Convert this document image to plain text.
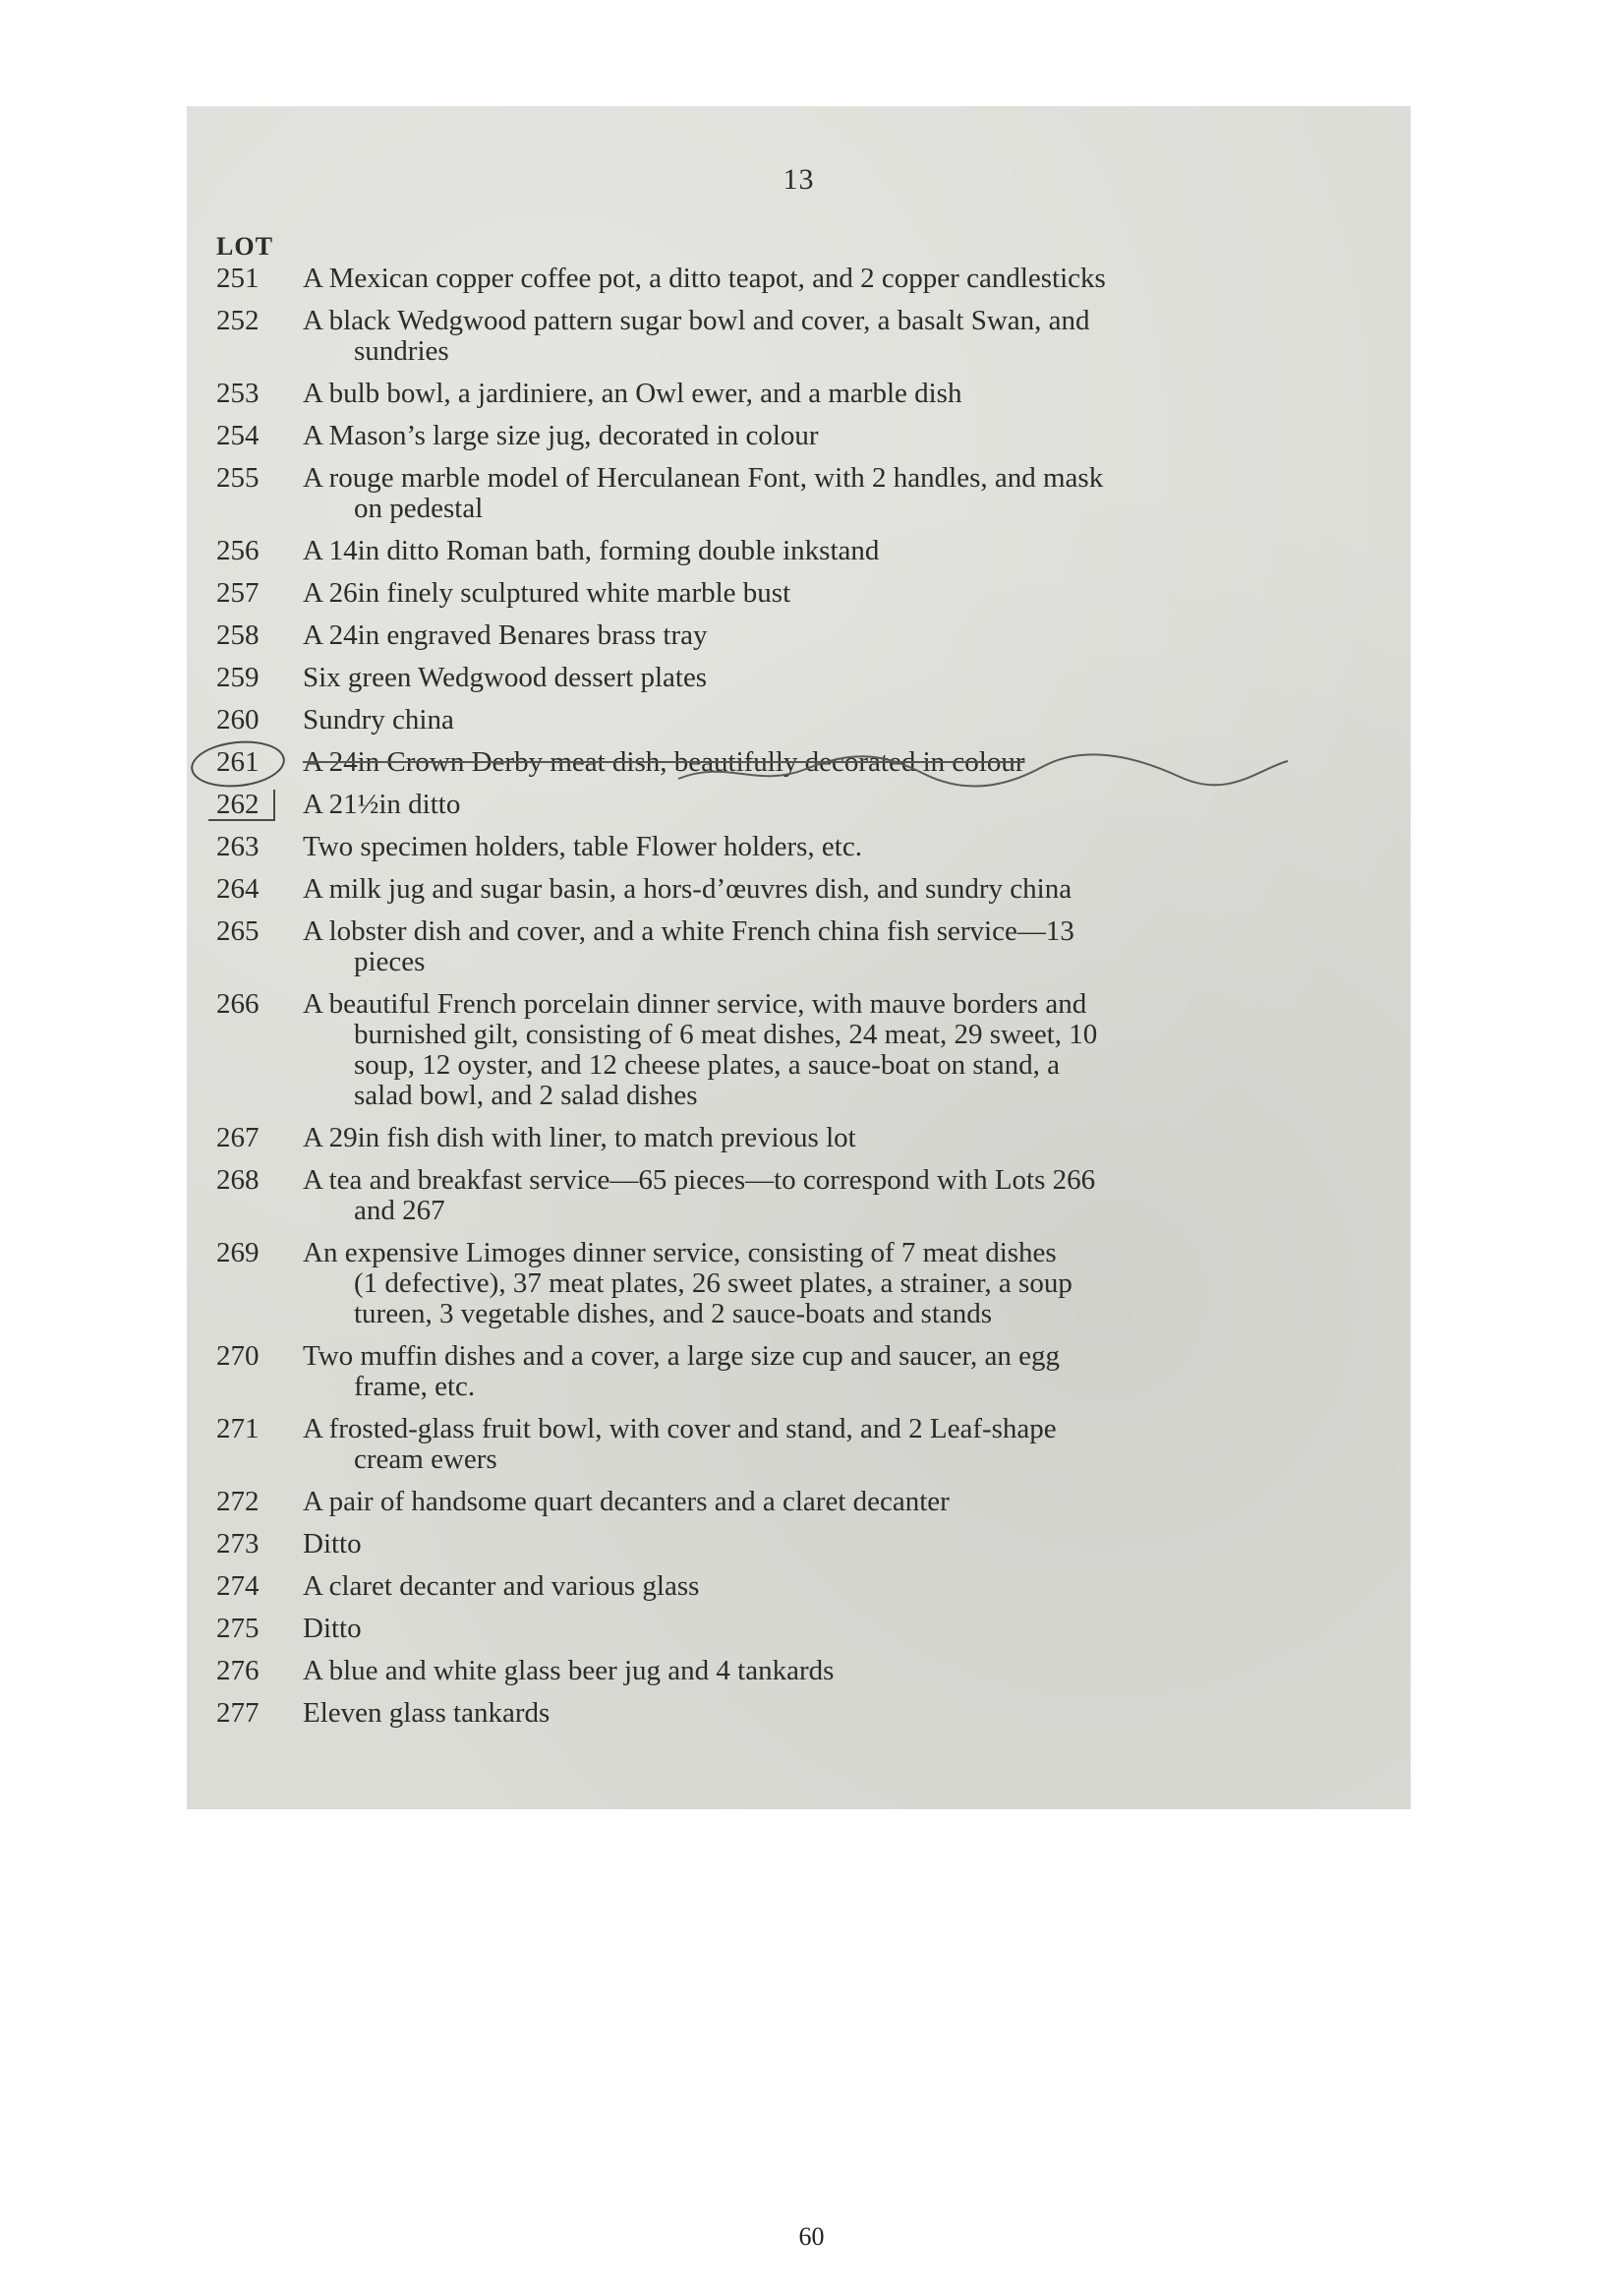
13
LOT
251	A Mexican copper coffee pot, a ditto teapot, and 2 copper candlesticks
252	A black Wedgwood pattern sugar bowl and cover, a basalt Swan, and
sundries
253	A bulb bowl, a jardiniere, an Owl ewer, and a marble dish
254	A Mason’s large size jug, decorated in colour
255	A rouge marble model of Herculanean Font, with 2 handles, and mask
on pedestal
256	A 14in ditto Roman bath, forming double inkstand
257	A 26in finely sculptured white marble bust
258	A 24in engraved Benares brass tray
259	Six green Wedgwood dessert plates
260	Sundry china
261	A 24in Crown Derby meat dish, beautifully decorated in colour
262	A 21½in ditto
263	Two specimen holders, table Flower holders, etc.
264	A milk jug and sugar basin, a hors-d’œuvres dish, and sundry china
265	A lobster dish and cover, and a white French china fish service—13
pieces
266	A beautiful French porcelain dinner service, with mauve borders and
burnished gilt, consisting of 6 meat dishes, 24 meat, 29 sweet, 10
soup, 12 oyster, and 12 cheese plates, a sauce-boat on stand, a
salad bowl, and 2 salad dishes
267	A 29in fish dish with liner, to match previous lot
268	A tea and breakfast service—65 pieces—to correspond with Lots 266
and 267
269	An expensive Limoges dinner service, consisting of 7 meat dishes
(1 defective), 37 meat plates, 26 sweet plates, a strainer, a soup
tureen, 3 vegetable dishes, and 2 sauce-boats and stands
270	Two muffin dishes and a cover, a large size cup and saucer, an egg
frame, etc.
271	A frosted-glass fruit bowl, with cover and stand, and 2 Leaf-shape
cream ewers
272	A pair of handsome quart decanters and a claret decanter
273	Ditto
274	A claret decanter and various glass
275	Ditto
276	A blue and white glass beer jug and 4 tankards
277	Eleven glass tankards
60
